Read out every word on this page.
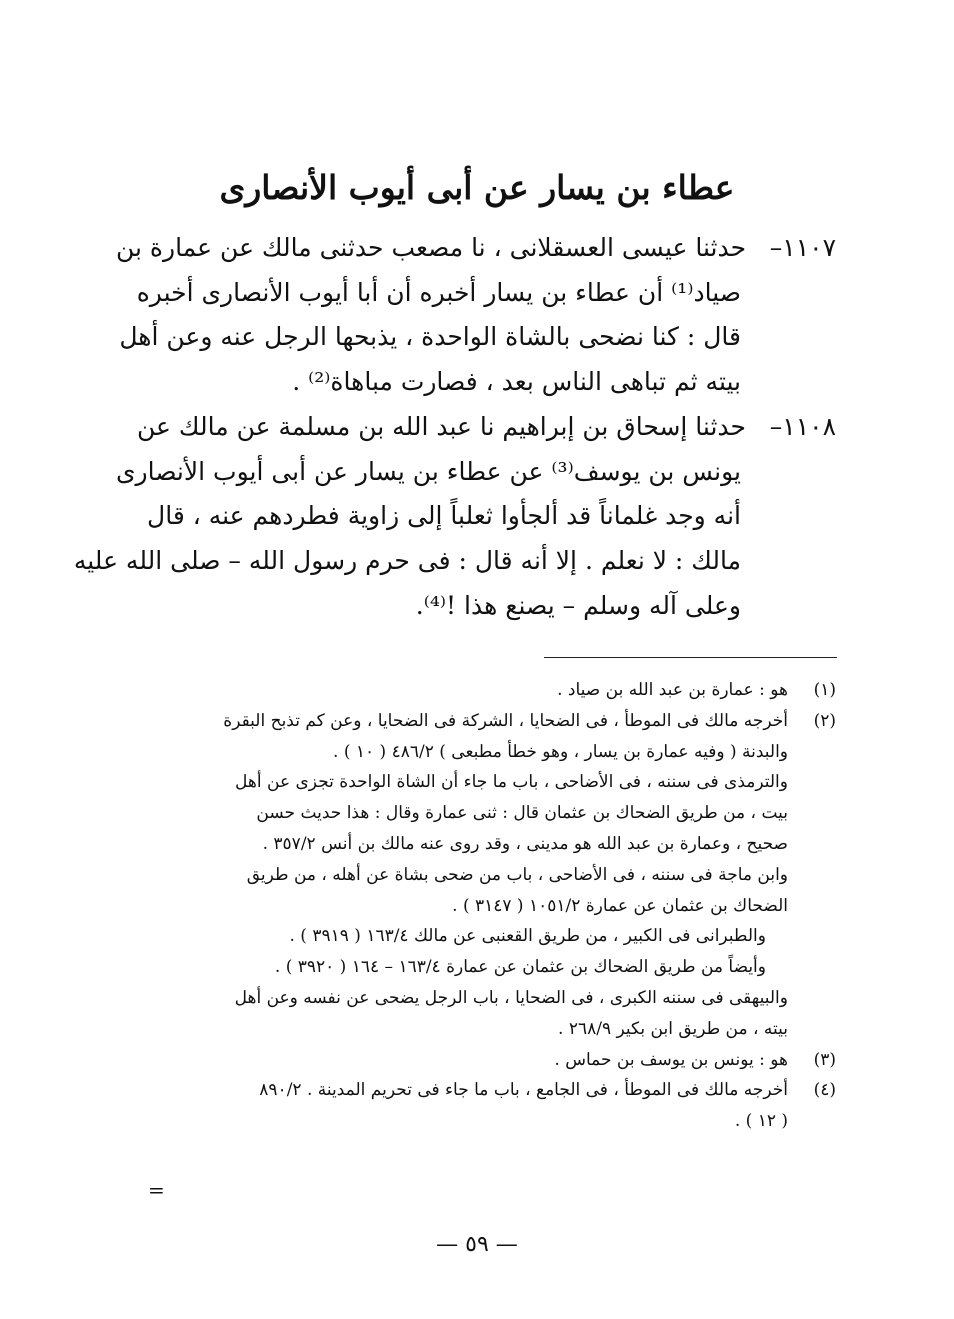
عطاء بن يسار عن أبى أيوب الأنصارى
١١٠٧–
حدثنا عيسى العسقلانى ، نا مصعب حدثنى مالك عن عمارة بن
صياد⁽¹⁾ أن عطاء بن يسار أخبره أن أبا أيوب الأنصارى أخبره
قال : كنا نضحى بالشاة الواحدة ، يذبحها الرجل عنه وعن أهل
بيته ثم تباهى الناس بعد ، فصارت مباهاة⁽²⁾ .
١١٠٨–
حدثنا إسحاق بن إبراهيم نا عبد الله بن مسلمة عن مالك عن
يونس بن يوسف⁽³⁾ عن عطاء بن يسار عن أبى أيوب الأنصارى
أنه وجد غلماناً قد ألجأوا ثعلباً إلى زاوية فطردهم عنه ، قال
مالك : لا نعلم . إلا أنه قال : فى حرم رسول الله – صلى الله عليه
وعلى آله وسلم – يصنع هذا !⁽⁴⁾.
(١)
هو : عمارة بن عبد الله بن صياد .
(٢)
أخرجه مالك فى الموطأ ، فى الضحايا ، الشركة فى الضحايا ، وعن كم تذبح البقرة
والبدنة ( وفيه عمارة بن يسار ، وهو خطأ مطبعى ) ٤٨٦/٢ ( ١٠ ) .
والترمذى فى سننه ، فى الأضاحى ، باب ما جاء أن الشاة الواحدة تجزى عن أهل
بيت ، من طريق الضحاك بن عثمان قال : ثنى عمارة وقال : هذا حديث حسن
صحيح ، وعمارة بن عبد الله هو مدينى ، وقد روى عنه مالك بن أنس ٣٥٧/٢ .
وابن ماجة فى سننه ، فى الأضاحى ، باب من ضحى بشاة عن أهله ، من طريق
الضحاك بن عثمان عن عمارة ١٠٥١/٢ ( ٣١٤٧ ) .
والطبرانى فى الكبير ، من طريق القعنبى عن مالك ١٦٣/٤ ( ٣٩١٩ ) .
وأيضاً من طريق الضحاك بن عثمان عن عمارة ١٦٣/٤ – ١٦٤ ( ٣٩٢٠ ) .
والبيهقى فى سننه الكبرى ، فى الضحايا ، باب الرجل يضحى عن نفسه وعن أهل
بيته ، من طريق ابن بكير ٢٦٨/٩ .
(٣)
هو : يونس بن يوسف بن حماس .
(٤)
أخرجه مالك فى الموطأ ، فى الجامع ، باب ما جاء فى تحريم المدينة . ٨٩٠/٢
( ١٢ ) .
=
— ٥٩ —
